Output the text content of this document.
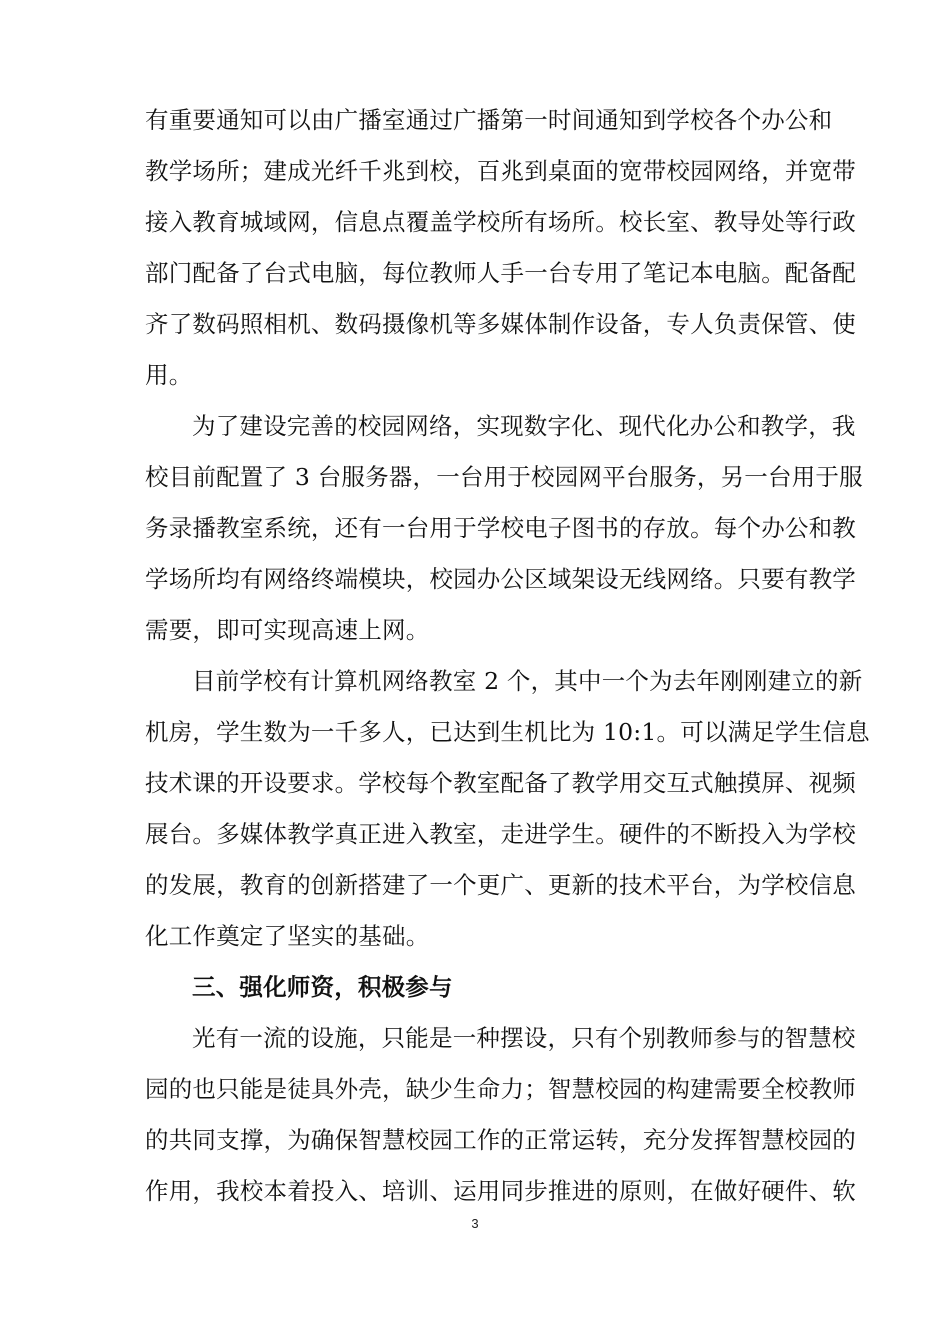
有重要通知可以由广播室通过广播第一时间通知到学校各个办公和
教学场所；建成光纤千兆到校，百兆到桌面的宽带校园网络，并宽带
接入教育城域网，信息点覆盖学校所有场所。校长室、教导处等行政
部门配备了台式电脑，每位教师人手一台专用了笔记本电脑。配备配
齐了数码照相机、数码摄像机等多媒体制作设备，专人负责保管、使
用。
为了建设完善的校园网络，实现数字化、现代化办公和教学，我
校目前配置了 3 台服务器，一台用于校园网平台服务，另一台用于服
务录播教室系统，还有一台用于学校电子图书的存放。每个办公和教
学场所均有网络终端模块，校园办公区域架设无线网络。只要有教学
需要，即可实现高速上网。
目前学校有计算机网络教室 2 个，其中一个为去年刚刚建立的新
机房，学生数为一千多人，已达到生机比为 10:1。可以满足学生信息
技术课的开设要求。学校每个教室配备了教学用交互式触摸屏、视频
展台。多媒体教学真正进入教室，走进学生。硬件的不断投入为学校
的发展，教育的创新搭建了一个更广、更新的技术平台，为学校信息
化工作奠定了坚实的基础。
三、强化师资，积极参与
光有一流的设施，只能是一种摆设，只有个别教师参与的智慧校
园的也只能是徒具外壳，缺少生命力；智慧校园的构建需要全校教师
的共同支撑，为确保智慧校园工作的正常运转，充分发挥智慧校园的
作用，我校本着投入、培训、运用同步推进的原则，在做好硬件、软
3
